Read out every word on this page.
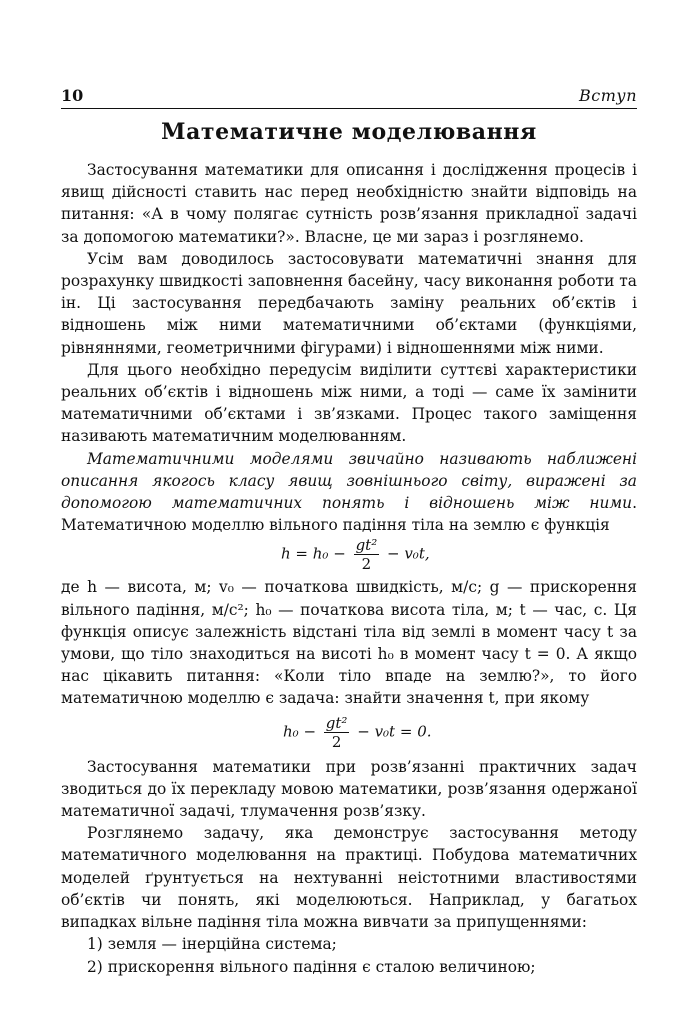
10	Вступ
Математичне моделювання

Застосування математики для описання і дослідження процесів і явищ дійсності ставить нас перед необхідністю знайти відповідь на питання: «А в чому полягає сутність розв’язання прикладної задачі за допомогою математики?». Власне, це ми зараз і розглянемо.

Усім вам доводилось застосовувати математичні знання для розрахунку швидкості заповнення басейну, часу виконання роботи та ін. Ці застосування передбачають заміну реальних об’єктів і відношень між ними математичними об’єктами (функціями, рівняннями, геометричними фігурами) і відношеннями між ними.

Для цього необхідно передусім виділити суттєві характеристики реальних об’єктів і відношень між ними, а тоді — саме їх замінити математичними об’єктами і зв’язками. Процес такого заміщення називають математичним моделюванням.

Математичними моделями звичайно називають наближені описання якогось класу явищ зовнішнього світу, виражені за допомогою математичних понять і відношень між ними. Математичною моделлю вільного падіння тіла на землю є функція

$h = h_0 - \frac{\text{gt²}}{2} - v_0t$,

де h — висота, м; v₀ — початкова швидкість, м/с; g — прискорення вільного падіння, м/с²; h₀ — початкова висота тіла, м; t — час, с. Ця функція описує залежність відстані тіла від землі в момент часу t за умови, що тіло знаходиться на висоті h₀ в момент часу t = 0. А якщо нас цікавить питання: «Коли тіло впаде на землю?», то його математичною моделлю є задача: знайти значення t, при якому

$h_0 - \frac{\text{gt²}}{2} - v_0t = 0$.

Застосування математики при розв’язанні практичних задач зводиться до їх перекладу мовою математики, розв’язання одержаної математичної задачі, тлумачення розв’язку.

Розглянемо задачу, яка демонструє застосування методу математичного моделювання на практиці. Побудова математичних моделей ґрунтується на нехтуванні неістотними властивостями об’єктів чи понять, які моделюються. Наприклад, у багатьох випадках вільне падіння тіла можна вивчати за припущеннями:

1) земля — інерційна система;

2) прискорення вільного падіння є сталою величиною;
